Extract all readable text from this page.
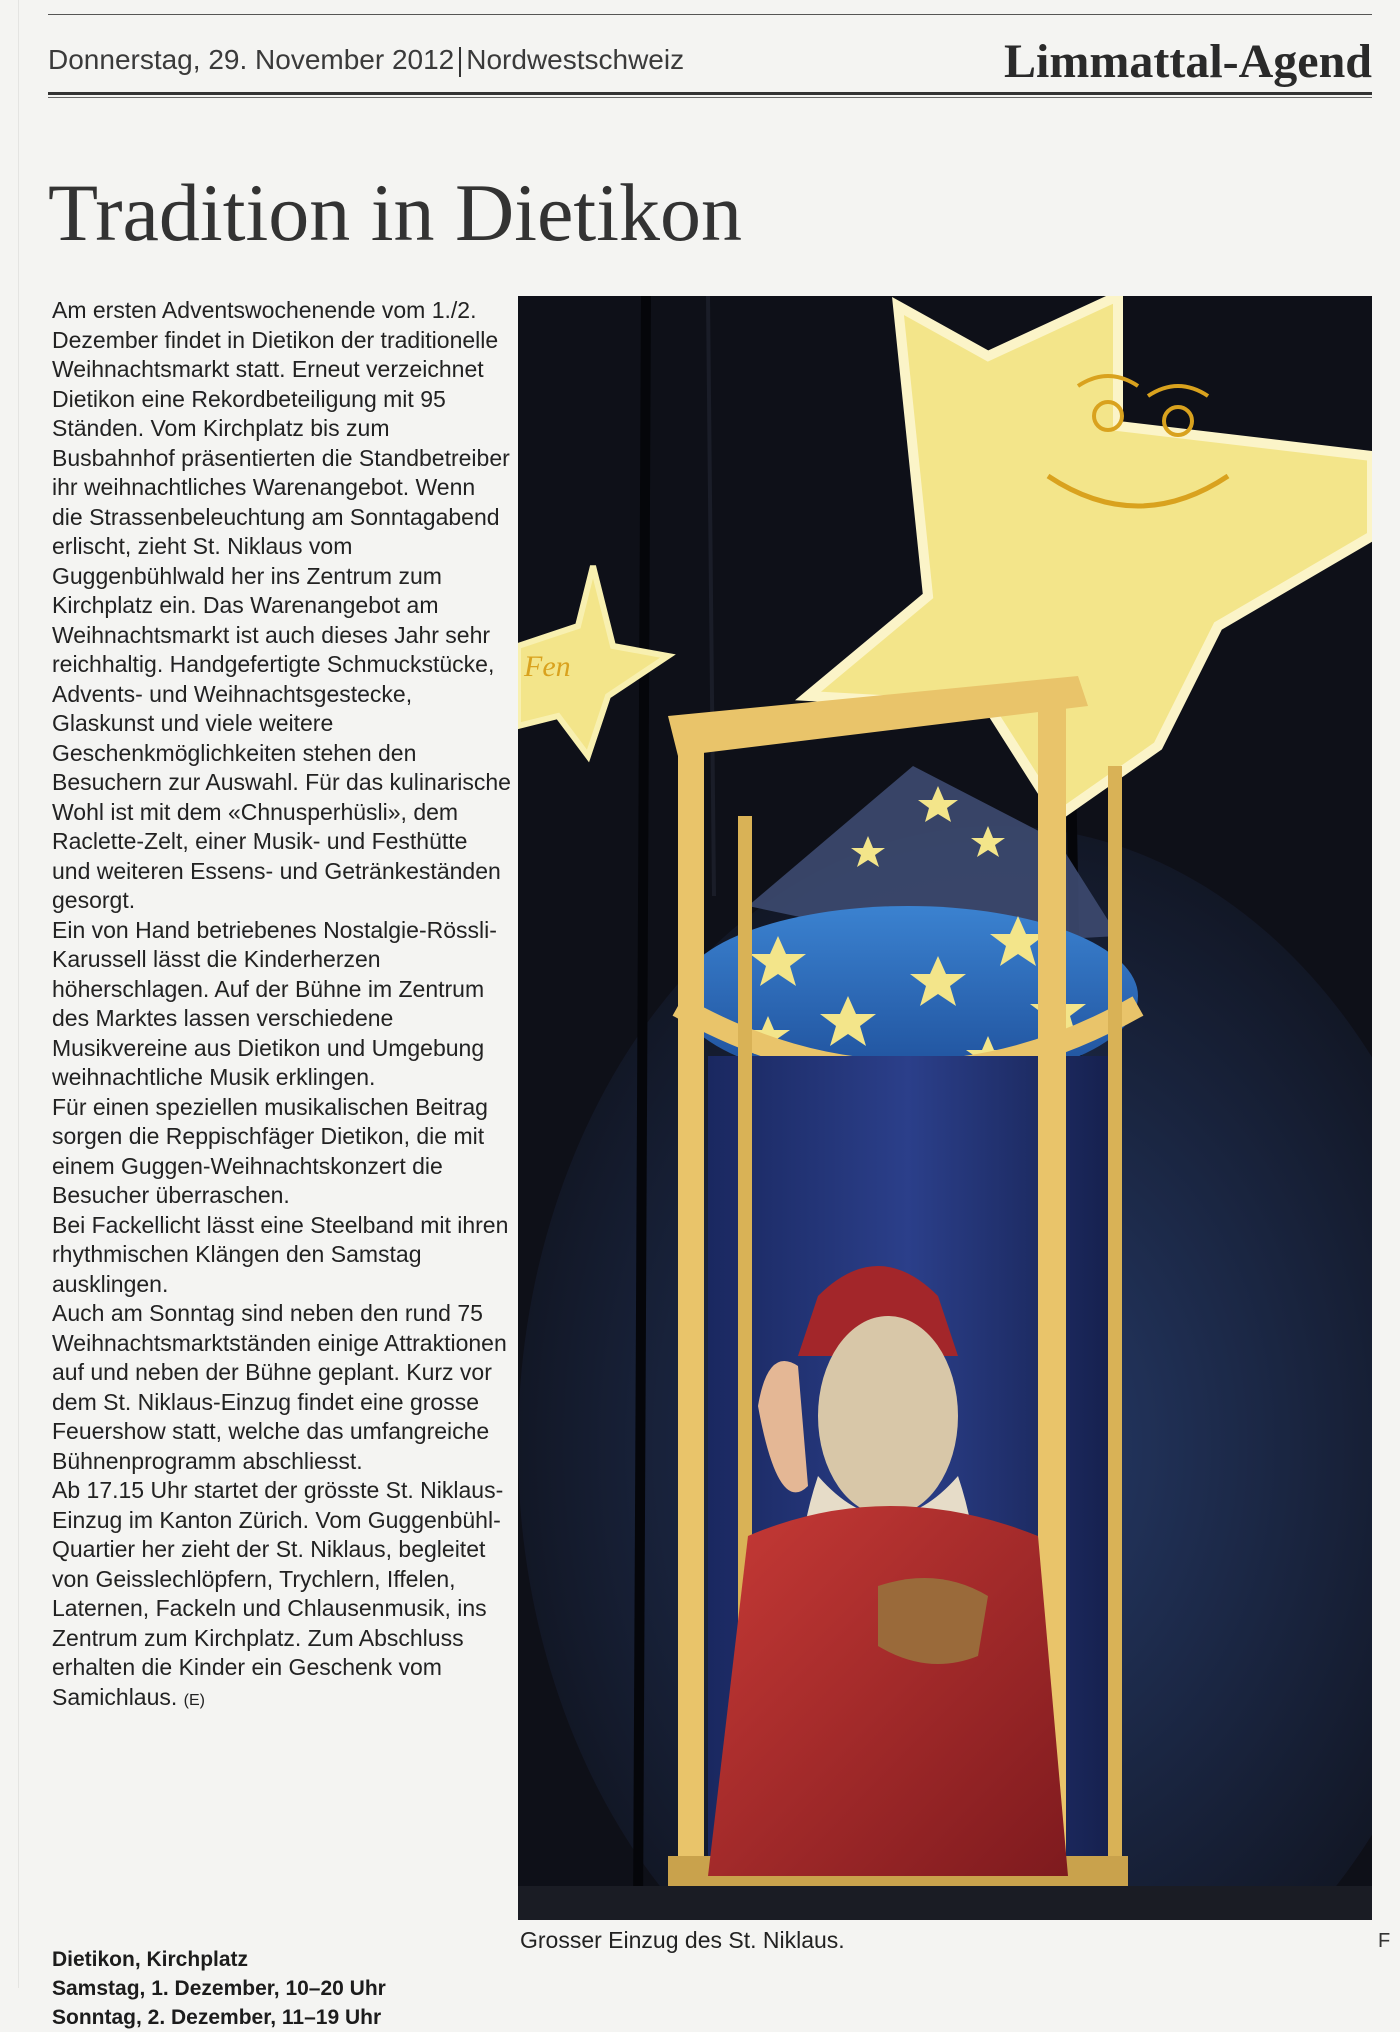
Donnerstag, 29. November 2012 Nordwestschweiz	Limmattal-Agend
Tradition in Dietikon

Am ersten Adventswochenende vom 1./2. Dezember findet in Dietikon der traditionelle Weihnachtsmarkt statt. Erneut verzeichnet Dietikon eine Rekordbeteiligung mit 95 Ständen. Vom Kirchplatz bis zum Busbahnhof präsentierten die Standbetreiber ihr weihnachtliches Warenangebot. Wenn die Strassenbeleuchtung am Sonntagabend erlischt, zieht St. Niklaus vom Guggenbühlwald her ins Zentrum zum Kirchplatz ein. Das Warenangebot am Weihnachtsmarkt ist auch dieses Jahr sehr reichhaltig. Handgefertigte Schmuckstücke, Advents- und Weihnachtsgestecke, Glaskunst und viele weitere Geschenkmöglichkeiten stehen den Besuchern zur Auswahl. Für das kulinarische Wohl ist mit dem «Chnusperhüsli», dem Raclette-Zelt, einer Musik- und Festhütte und weiteren Essens- und Getränkeständen gesorgt.

Ein von Hand betriebenes Nostalgie-Rössli-Karussell lässt die Kinderherzen höherschlagen. Auf der Bühne im Zentrum des Marktes lassen verschiedene Musikvereine aus Dietikon und Umgebung weihnachtliche Musik erklingen.

Für einen speziellen musikalischen Beitrag sorgen die Reppischfäger Dietikon, die mit einem Guggen-Weihnachtskonzert die Besucher überraschen.

Bei Fackellicht lässt eine Steelband mit ihren rhythmischen Klängen den Samstag ausklingen.

Auch am Sonntag sind neben den rund 75 Weihnachtsmarktständen einige Attraktionen auf und neben der Bühne geplant. Kurz vor dem St. Niklaus-Einzug findet eine grosse Feuershow statt, welche das umfangreiche Bühnenprogramm abschliesst.

Ab 17.15 Uhr startet der grösste St. Niklaus-Einzug im Kanton Zürich. Vom Guggenbühl-Quartier her zieht der St. Niklaus, begleitet von Geisslechlöpfern, Trychlern, Iffelen, Laternen, Fackeln und Chlausenmusik, ins Zentrum zum Kirchplatz. Zum Abschluss erhalten die Kinder ein Geschenk vom Samichlaus. (E)

Dietikon, Kirchplatz
Samstag, 1. Dezember, 10–20 Uhr
Sonntag, 2. Dezember, 11–19 Uhr
Fen
Grosser Einzug des St. Niklaus.	F
